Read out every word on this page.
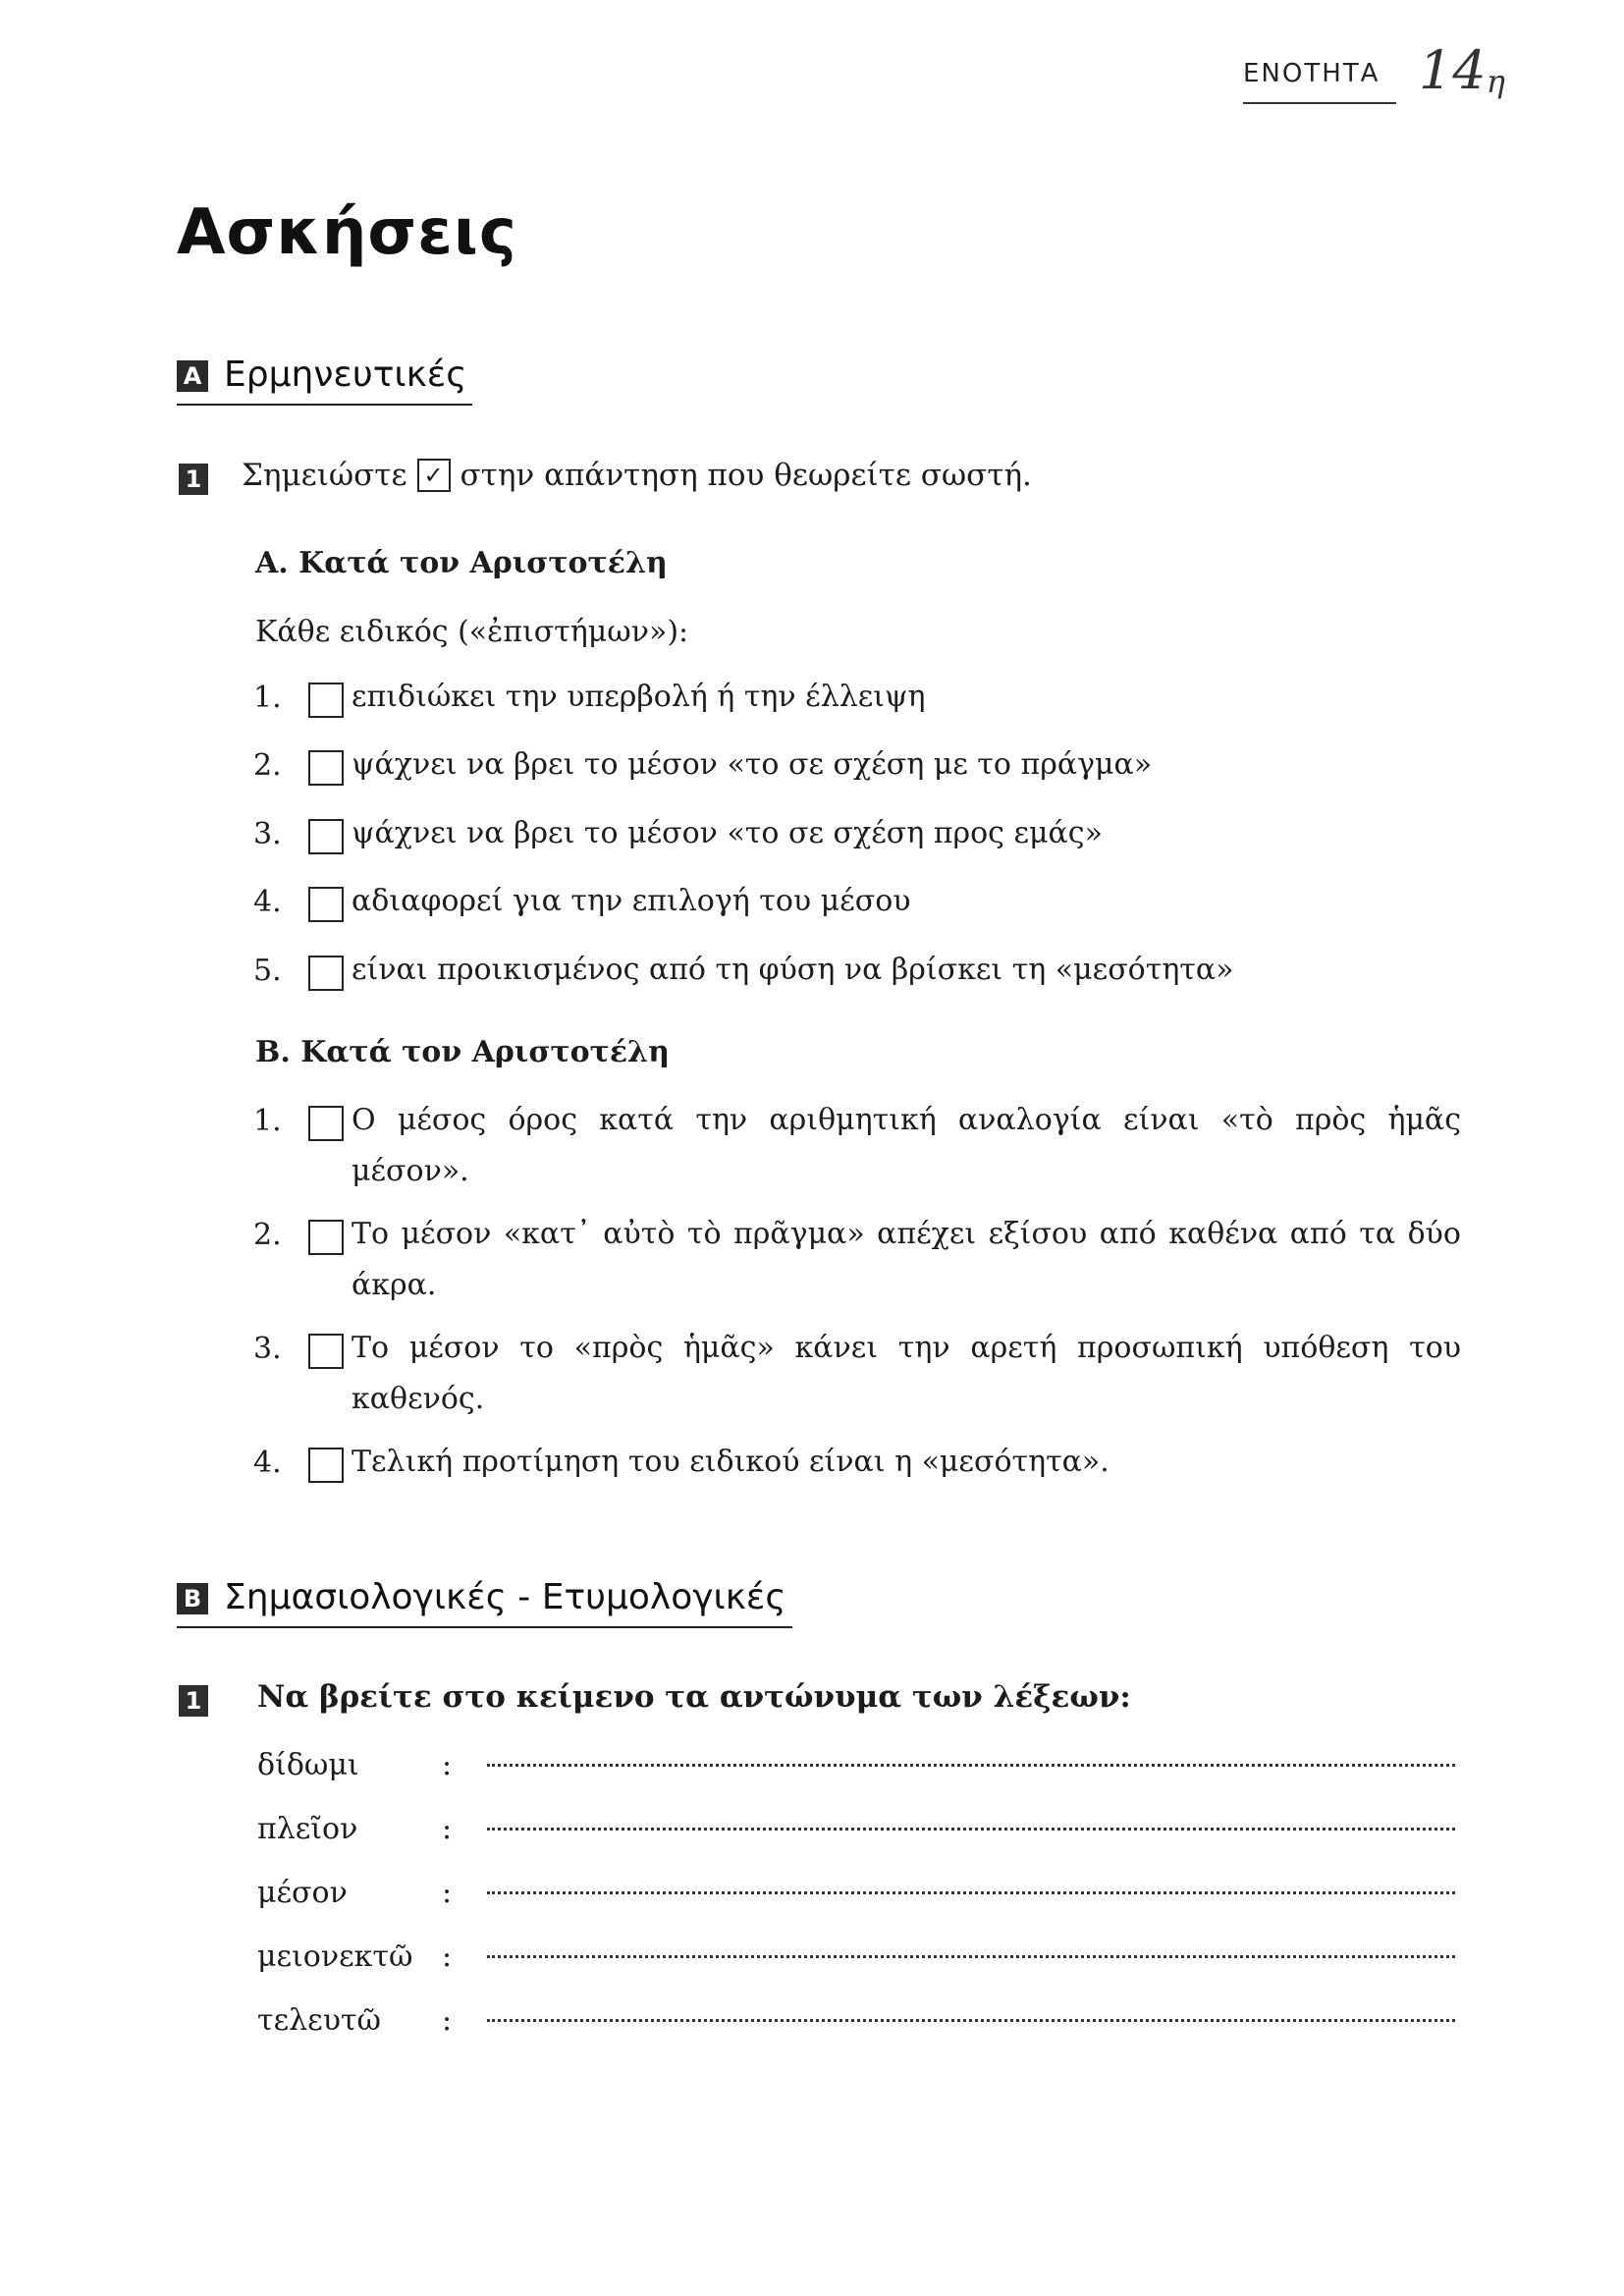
ΕΝΟΤΗΤΑ $14_\eta$
Ασκήσεις
A Ερμηνευτικές
1 Σημειώστε ✓ στην απάντηση που θεωρείτε σωστή.
Α. Κατά τον Αριστοτέλη
Κάθε ειδικός («ἐπιστήμων»):
1.	επιδιώκει την υπερβολή ή την έλλειψη
2.	ψάχνει να βρει το μέσον «το σε σχέση με το πράγμα»
3.	ψάχνει να βρει το μέσον «το σε σχέση προς εμάς»
4.	αδιαφορεί για την επιλογή του μέσου
5.	είναι προικισμένος από τη φύση να βρίσκει τη «μεσότητα»
Β. Κατά τον Αριστοτέλη
1.	Ο μέσος όρος κατά την αριθμητική αναλογία είναι «τὸ πρὸς ἡμᾶς μέσον».
2.	Το μέσον «κατ᾽ αὐτὸ τὸ πρᾶγμα» απέχει εξίσου από καθένα από τα δύο άκρα.
3.	Το μέσον το «πρὸς ἡμᾶς» κάνει την αρετή προσωπική υπόθεση του καθενός.
4.	Τελική προτίμηση του ειδικού είναι η «μεσότητα».
B Σημασιολογικές - Ετυμολογικές
1 Να βρείτε στο κείμενο τα αντώνυμα των λέξεων:
δίδωμι	:
πλεῖον	:
μέσον	:
μειονεκτῶ :
τελευτῶ	:
